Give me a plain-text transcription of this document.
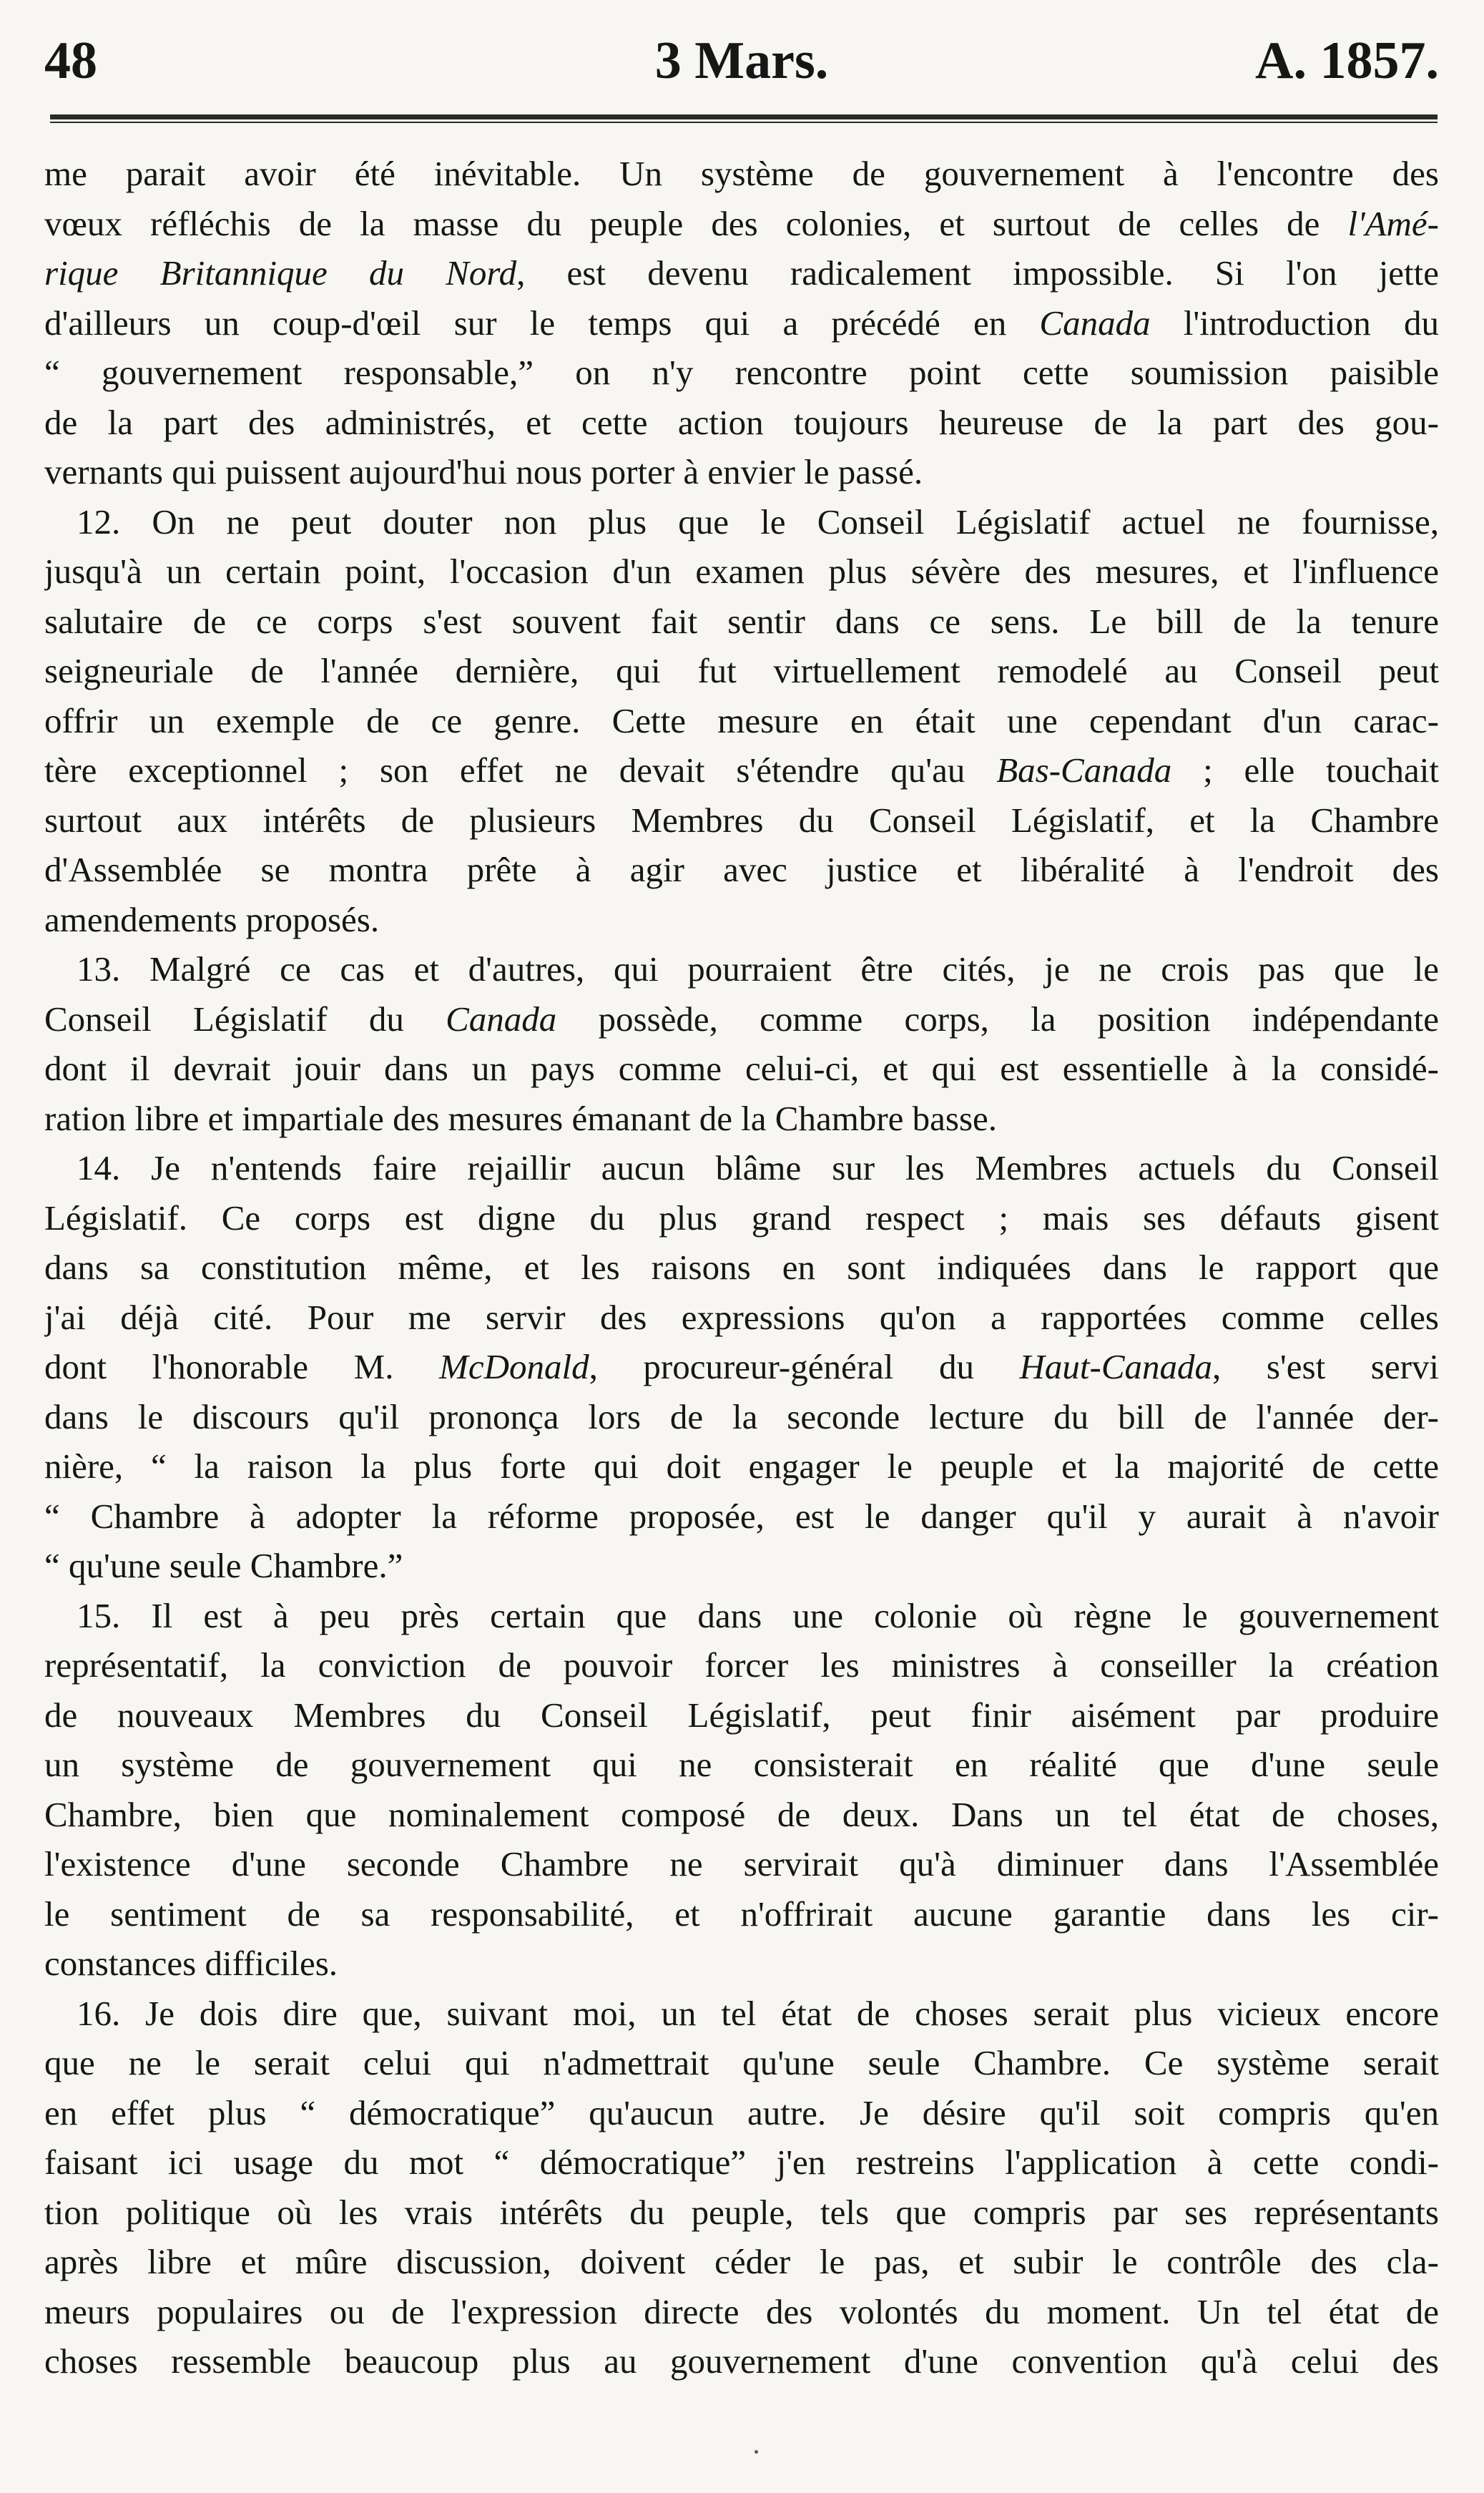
3 Mars.
48	A. 1857.
me parait avoir été inévitable. Un système de gouvernement à l'encontre des
vœux réfléchis de la masse du peuple des colonies, et surtout de celles de l'Amé-
rique Britannique du Nord, est devenu radicalement impossible. Si l'on jette
d'ailleurs un coup-d'œil sur le temps qui a précédé en Canada l'introduction du
“ gouvernement responsable,” on n'y rencontre point cette soumission paisible
de la part des administrés, et cette action toujours heureuse de la part des gou-
vernants qui puissent aujourd'hui nous porter à envier le passé.
12. On ne peut douter non plus que le Conseil Législatif actuel ne fournisse,
jusqu'à un certain point, l'occasion d'un examen plus sévère des mesures, et l'influence
salutaire de ce corps s'est souvent fait sentir dans ce sens. Le bill de la tenure
seigneuriale de l'année dernière, qui fut virtuellement remodelé au Conseil peut
offrir un exemple de ce genre. Cette mesure en était une cependant d'un carac-
tère exceptionnel ; son effet ne devait s'étendre qu'au Bas-Canada ; elle touchait
surtout aux intérêts de plusieurs Membres du Conseil Législatif, et la Chambre
d'Assemblée se montra prête à agir avec justice et libéralité à l'endroit des
amendements proposés.
13. Malgré ce cas et d'autres, qui pourraient être cités, je ne crois pas que le
Conseil Législatif du Canada possède, comme corps, la position indépendante
dont il devrait jouir dans un pays comme celui-ci, et qui est essentielle à la considé-
ration libre et impartiale des mesures émanant de la Chambre basse.
14. Je n'entends faire rejaillir aucun blâme sur les Membres actuels du Conseil
Législatif. Ce corps est digne du plus grand respect ; mais ses défauts gisent
dans sa constitution même, et les raisons en sont indiquées dans le rapport que
j'ai déjà cité. Pour me servir des expressions qu'on a rapportées comme celles
dont l'honorable M. McDonald, procureur-général du Haut-Canada, s'est servi
dans le discours qu'il prononça lors de la seconde lecture du bill de l'année der-
nière, “ la raison la plus forte qui doit engager le peuple et la majorité de cette
“ Chambre à adopter la réforme proposée, est le danger qu'il y aurait à n'avoir
“ qu'une seule Chambre.”
15. Il est à peu près certain que dans une colonie où règne le gouvernement
représentatif, la conviction de pouvoir forcer les ministres à conseiller la création
de nouveaux Membres du Conseil Législatif, peut finir aisément par produire
un système de gouvernement qui ne consisterait en réalité que d'une seule
Chambre, bien que nominalement composé de deux. Dans un tel état de choses,
l'existence d'une seconde Chambre ne servirait qu'à diminuer dans l'Assemblée
le sentiment de sa responsabilité, et n'offrirait aucune garantie dans les cir-
constances difficiles.
16. Je dois dire que, suivant moi, un tel état de choses serait plus vicieux encore
que ne le serait celui qui n'admettrait qu'une seule Chambre. Ce système serait
en effet plus “ démocratique” qu'aucun autre. Je désire qu'il soit compris qu'en
faisant ici usage du mot “ démocratique” j'en restreins l'application à cette condi-
tion politique où les vrais intérêts du peuple, tels que compris par ses représentants
après libre et mûre discussion, doivent céder le pas, et subir le contrôle des cla-
meurs populaires ou de l'expression directe des volontés du moment. Un tel état de
choses ressemble beaucoup plus au gouvernement d'une convention qu'à celui des
